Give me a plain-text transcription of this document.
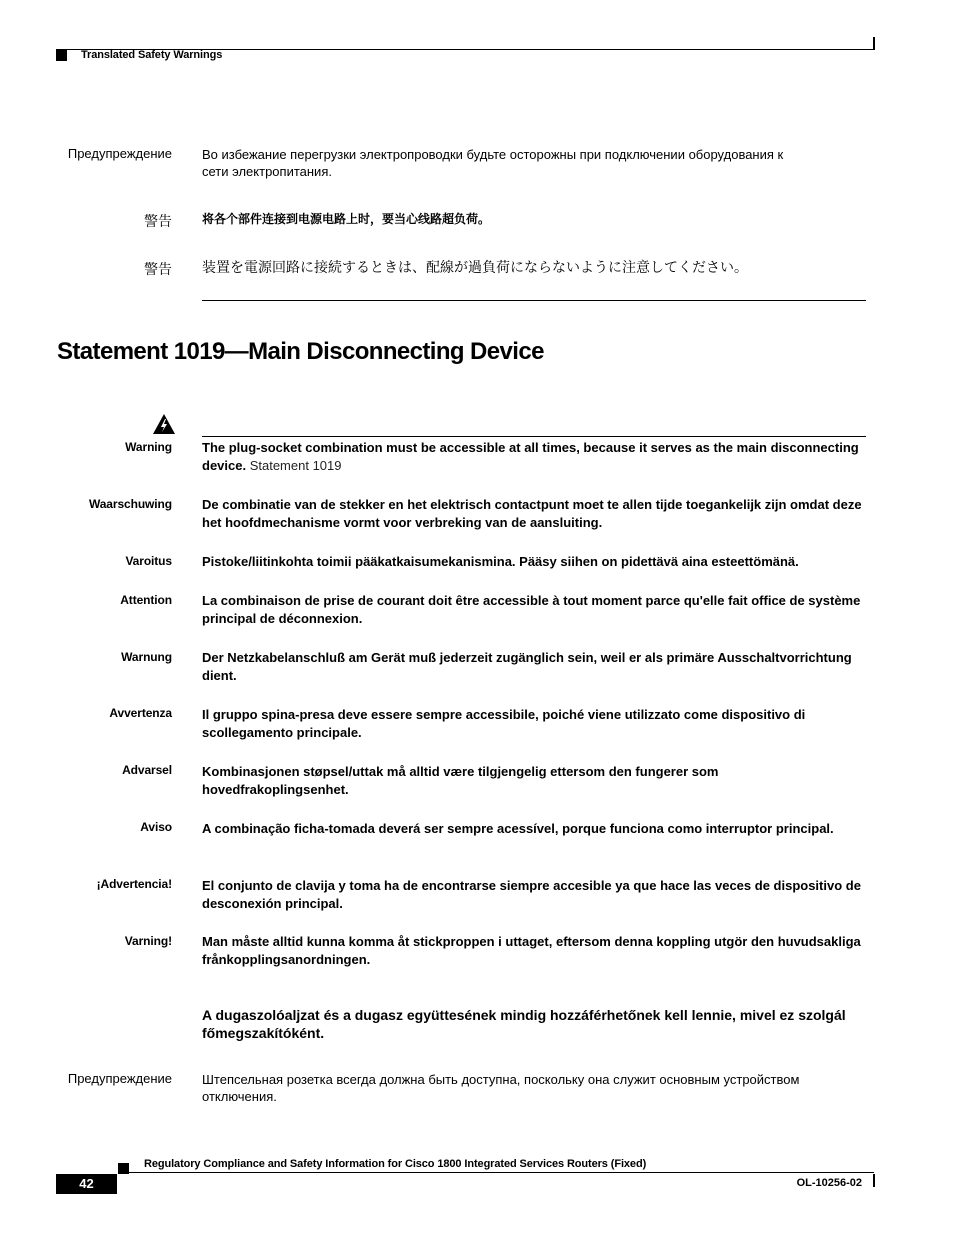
Translated Safety Warnings
Предупреждение Во избежание перегрузки электропроводки будьте осторожны при подключении оборудования к сети электропитания.
警告	将各个部件连接到电源电路上时，要当心线路超负荷。
警告 装置を電源回路に接続するときは、配線が過負荷にならないように注意してください。
Statement 1019—Main Disconnecting Device
Warning The plug-socket combination must be accessible at all times, because it serves as the main disconnecting device. Statement 1019
Waarschuwing De combinatie van de stekker en het elektrisch contactpunt moet te allen tijde toegankelijk zijn omdat deze het hoofdmechanisme vormt voor verbreking van de aansluiting.
Varoitus Pistoke/liitinkohta toimii pääkatkaisumekanismina. Pääsy siihen on pidettävä aina esteettömänä.
Attention La combinaison de prise de courant doit être accessible à tout moment parce qu'elle fait office de système principal de déconnexion.
Warnung Der Netzkabelanschluß am Gerät muß jederzeit zugänglich sein, weil er als primäre Ausschaltvorrichtung dient.
Avvertenza Il gruppo spina-presa deve essere sempre accessibile, poiché viene utilizzato come dispositivo di scollegamento principale.
Advarsel Kombinasjonen støpsel/uttak må alltid være tilgjengelig ettersom den fungerer som hovedfrakoplingsenhet.
Aviso A combinação ficha-tomada deverá ser sempre acessível, porque funciona como interruptor principal.
¡Advertencia! El conjunto de clavija y toma ha de encontrarse siempre accesible ya que hace las veces de dispositivo de desconexión principal.
Varning! Man måste alltid kunna komma åt stickproppen i uttaget, eftersom denna koppling utgör den huvudsakliga frånkopplingsanordningen.
A dugaszolóaljzat és a dugasz együttesének mindig hozzáférhetőnek kell lennie, mivel ez szolgál főmegszakítóként.
Предупреждение Штепсельная розетка всегда должна быть доступна, поскольку она служит основным устройством отключения.
42
Regulatory Compliance and Safety Information for Cisco 1800 Integrated Services Routers (Fixed)
OL-10256-02
